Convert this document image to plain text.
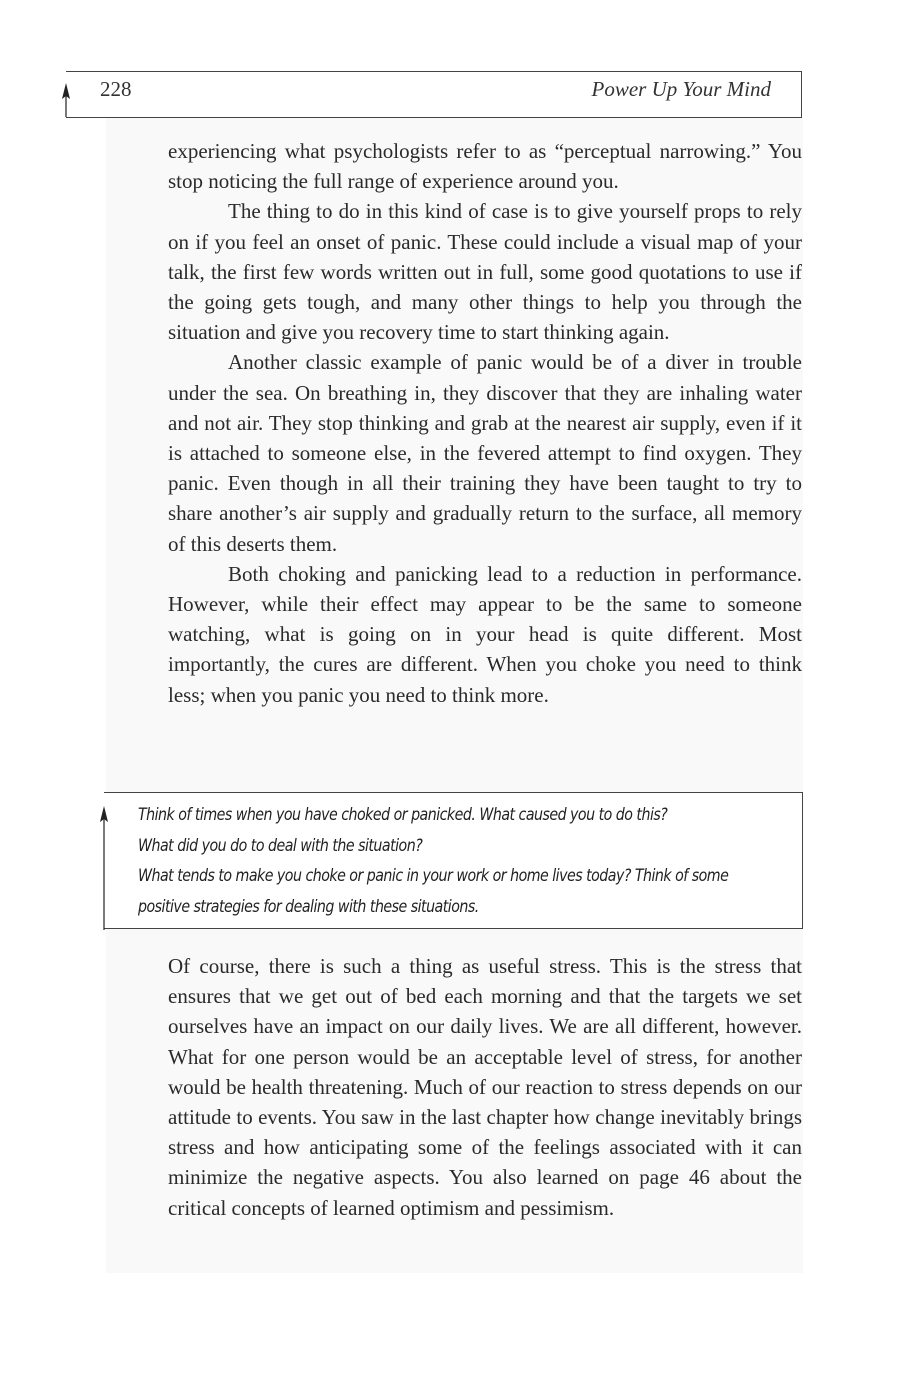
228	Power Up Your Mind

experiencing what psychologists refer to as “perceptual narrowing.” You stop noticing the full range of experience around you.

The thing to do in this kind of case is to give yourself props to rely on if you feel an onset of panic. These could include a visual map of your talk, the first few words written out in full, some good quotations to use if the going gets tough, and many other things to help you through the situation and give you recovery time to start thinking again.

Another classic example of panic would be of a diver in trouble under the sea. On breathing in, they discover that they are inhaling water and not air. They stop thinking and grab at the nearest air supply, even if it is attached to someone else, in the fevered attempt to find oxygen. They panic. Even though in all their training they have been taught to try to share another’s air supply and gradually return to the surface, all memory of this deserts them.

Both choking and panicking lead to a reduction in performance. However, while their effect may appear to be the same to someone watching, what is going on in your head is quite different. Most importantly, the cures are different. When you choke you need to think less; when you panic you need to think more.

Think of times when you have choked or panicked. What caused you to do this?
What did you do to deal with the situation?
What tends to make you choke or panic in your work or home lives today? Think of some
positive strategies for dealing with these situations.

Of course, there is such a thing as useful stress. This is the stress that ensures that we get out of bed each morning and that the targets we set ourselves have an impact on our daily lives. We are all different, however. What for one person would be an acceptable level of stress, for another would be health threatening. Much of our reaction to stress depends on our attitude to events. You saw in the last chapter how change inevitably brings stress and how anticipating some of the feelings associated with it can minimize the negative aspects. You also learned on page 46 about the critical concepts of learned optimism and pessimism.
